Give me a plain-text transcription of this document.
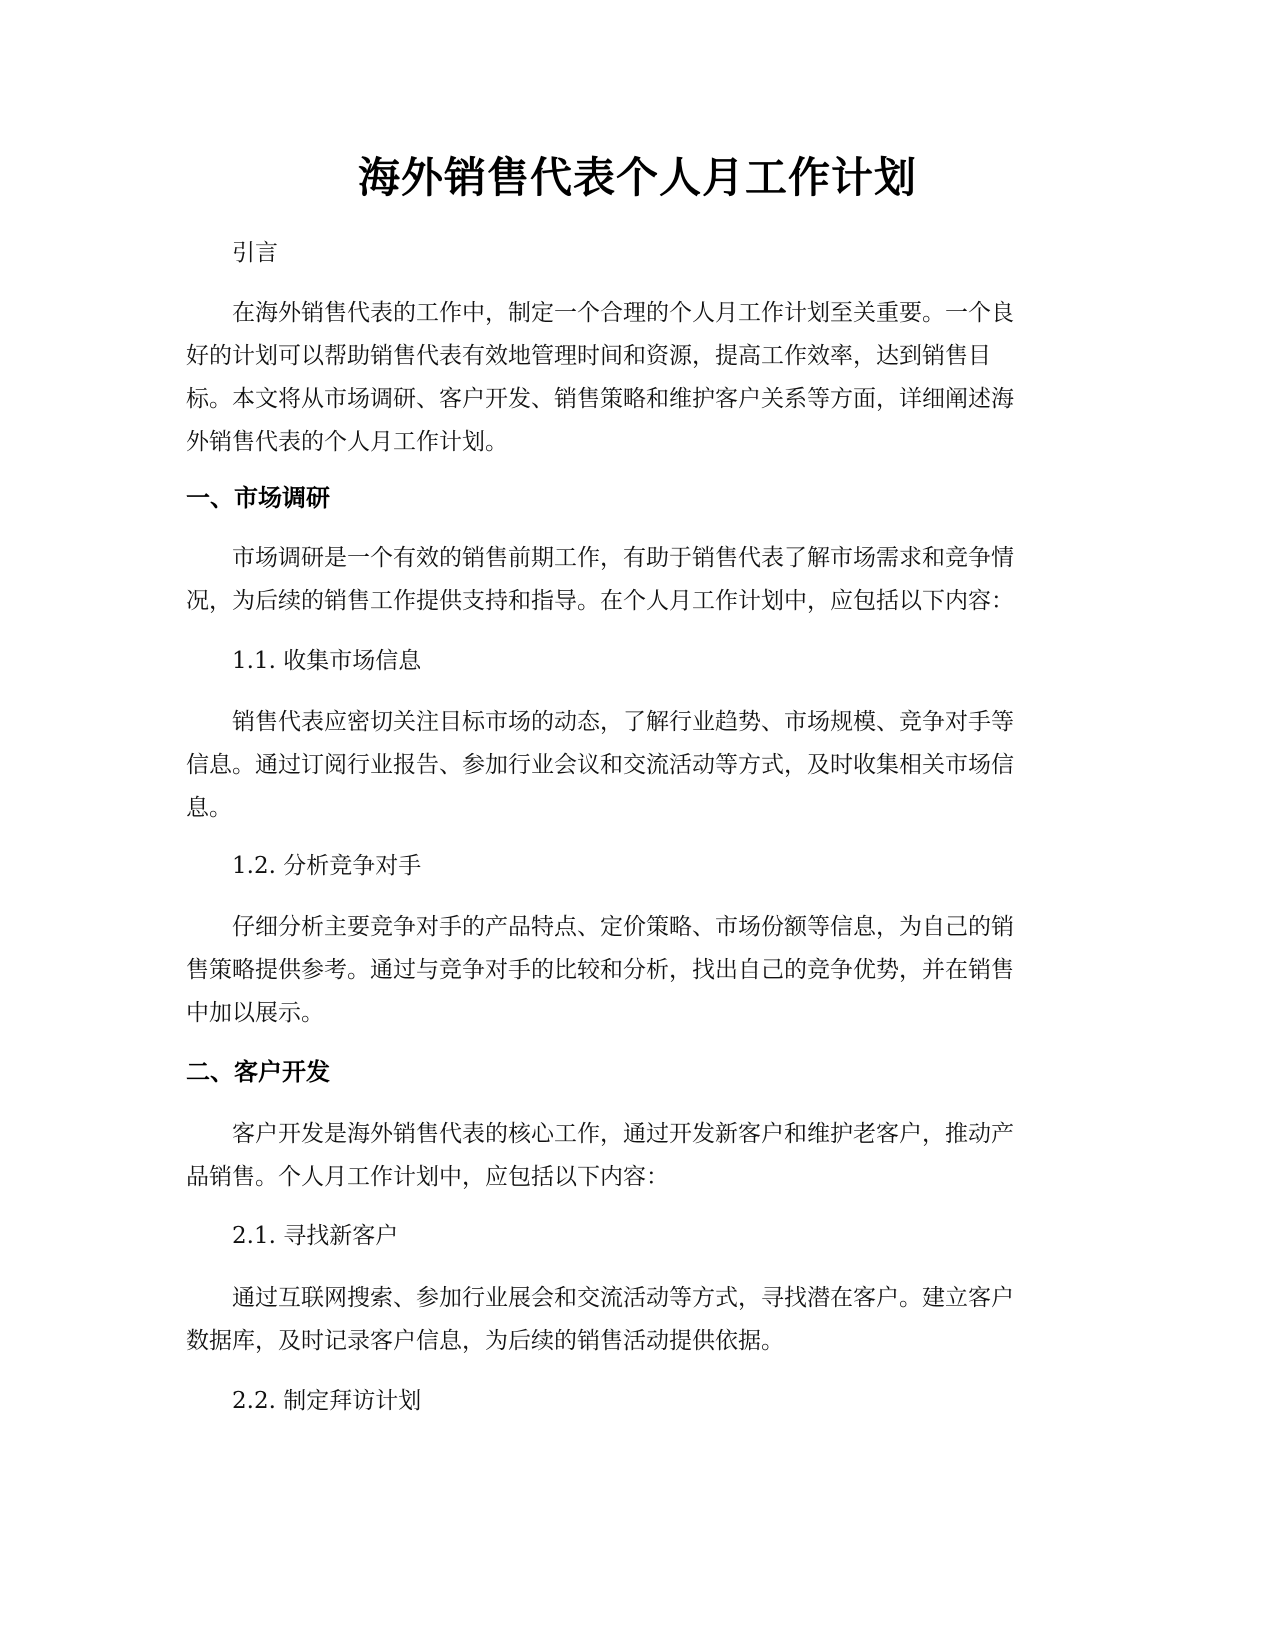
海外销售代表个人月工作计划
引言
在海外销售代表的工作中，制定一个合理的个人月工作计划至关重要。一个良
好的计划可以帮助销售代表有效地管理时间和资源，提高工作效率，达到销售目
标。本文将从市场调研、客户开发、销售策略和维护客户关系等方面，详细阐述海
外销售代表的个人月工作计划。
一、市场调研
市场调研是一个有效的销售前期工作，有助于销售代表了解市场需求和竞争情
况，为后续的销售工作提供支持和指导。在个人月工作计划中，应包括以下内容：
1.1. 收集市场信息
销售代表应密切关注目标市场的动态，了解行业趋势、市场规模、竞争对手等
信息。通过订阅行业报告、参加行业会议和交流活动等方式，及时收集相关市场信
息。
1.2. 分析竞争对手
仔细分析主要竞争对手的产品特点、定价策略、市场份额等信息，为自己的销
售策略提供参考。通过与竞争对手的比较和分析，找出自己的竞争优势，并在销售
中加以展示。
二、客户开发
客户开发是海外销售代表的核心工作，通过开发新客户和维护老客户，推动产
品销售。个人月工作计划中，应包括以下内容：
2.1. 寻找新客户
通过互联网搜索、参加行业展会和交流活动等方式，寻找潜在客户。建立客户
数据库，及时记录客户信息，为后续的销售活动提供依据。
2.2. 制定拜访计划
